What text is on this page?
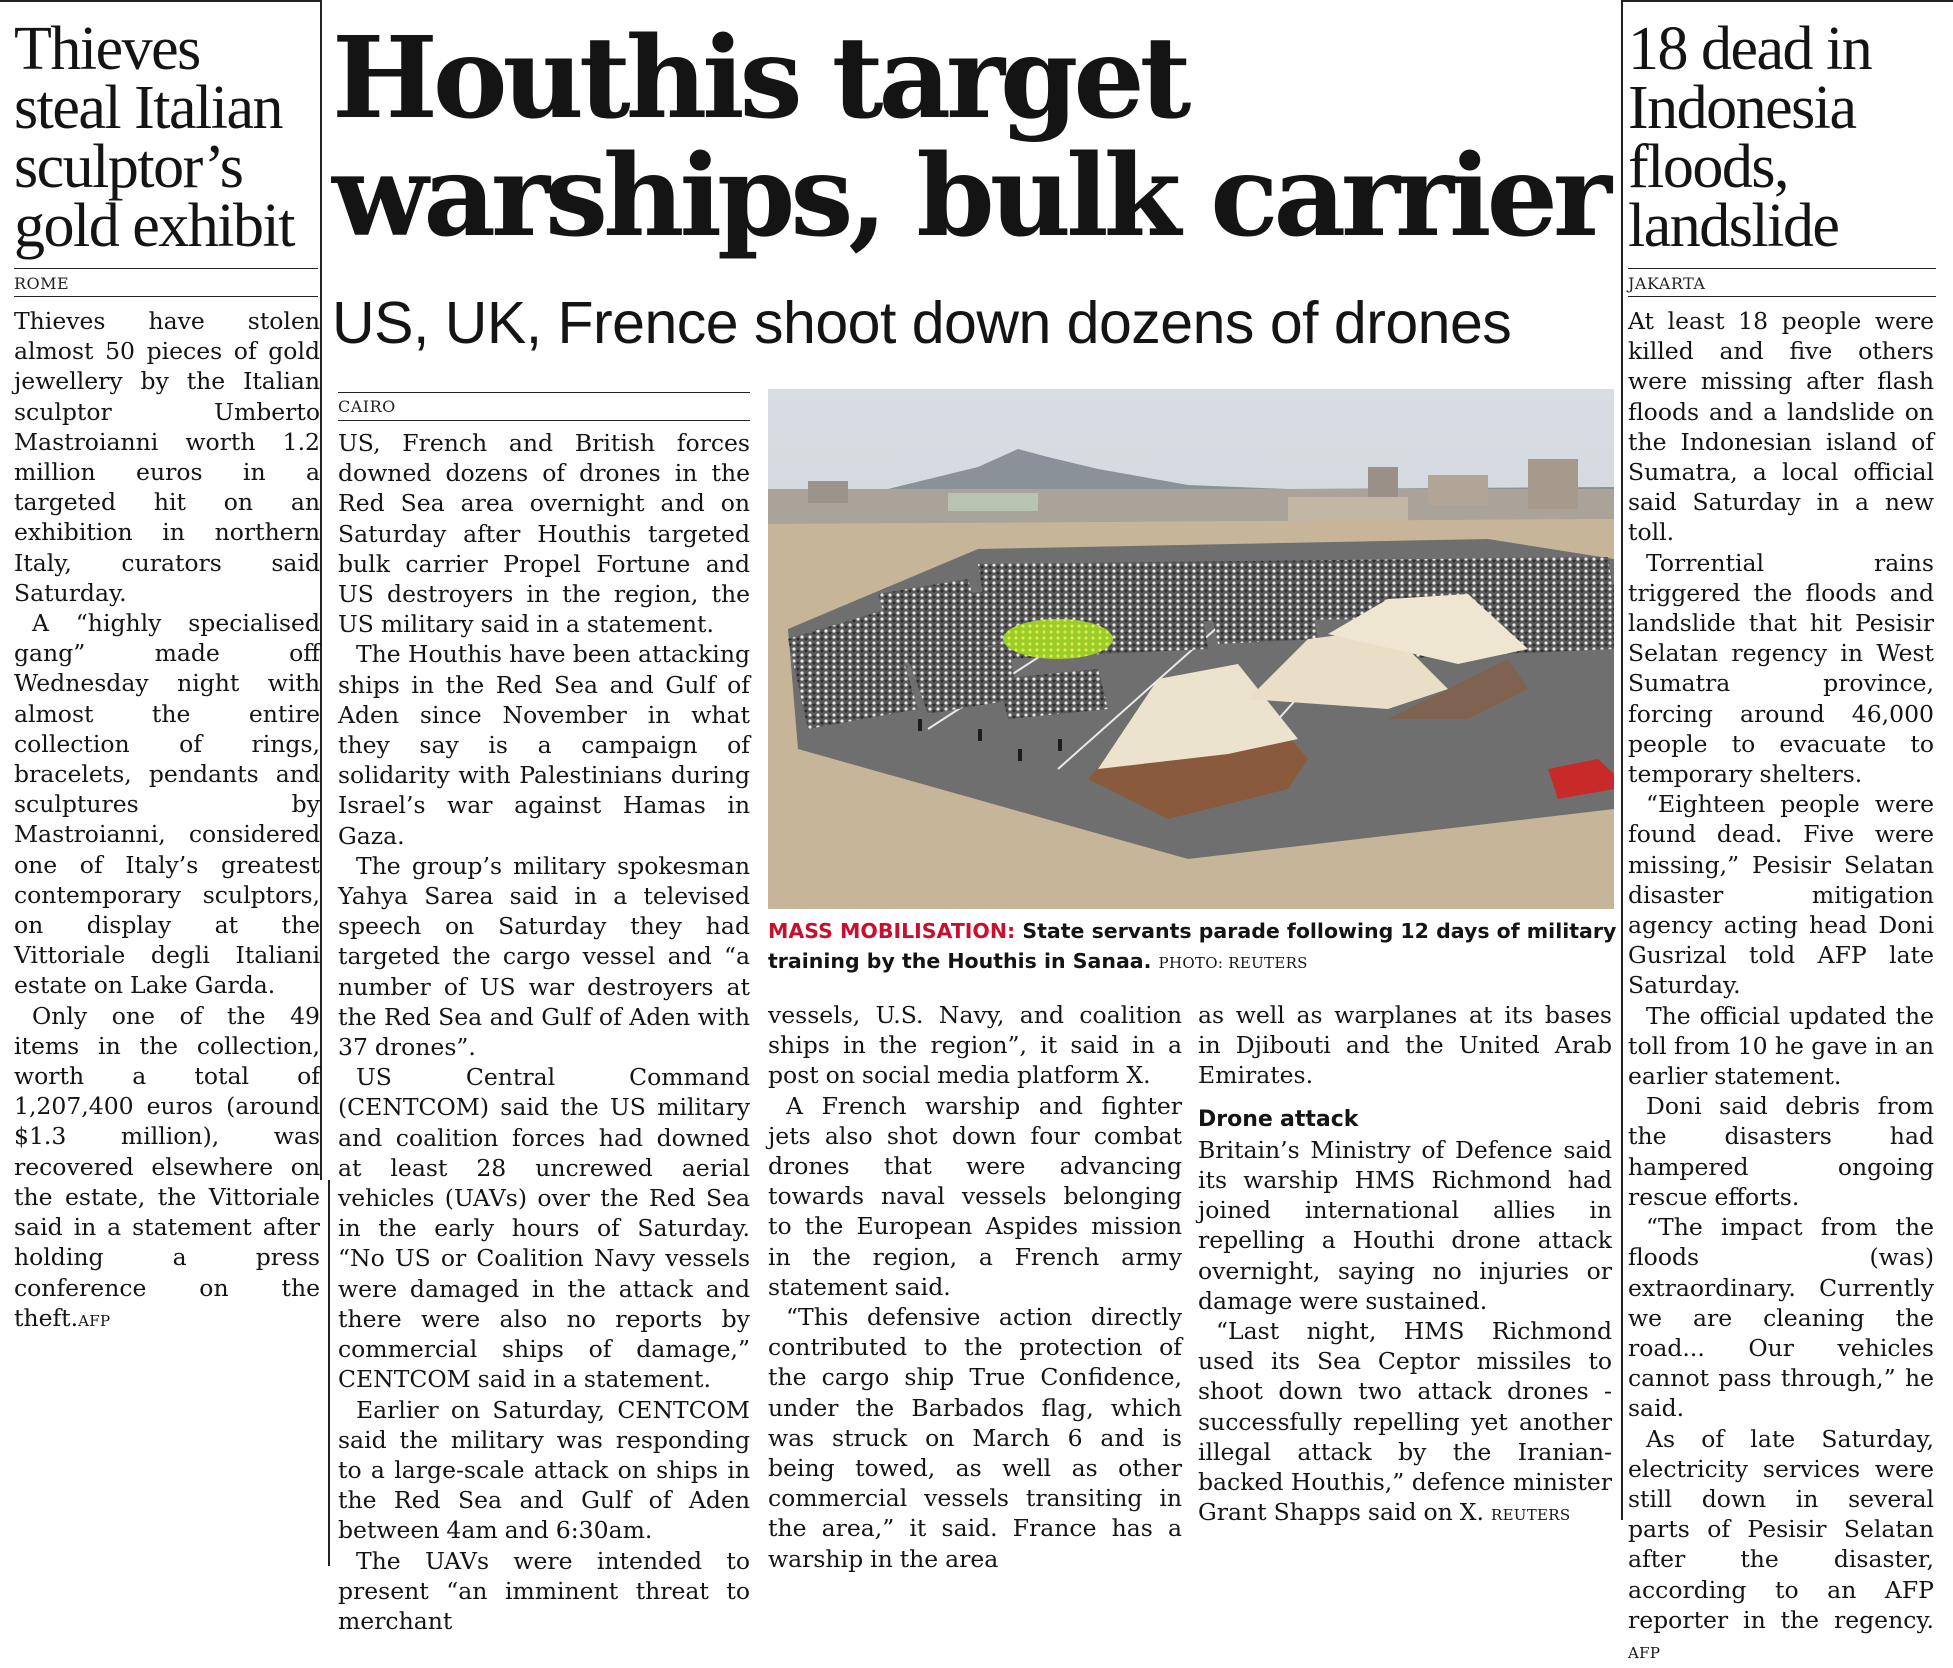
Thieves steal Italian sculptor’s gold exhibit
ROME

Thieves have stolen almost 50 pieces of gold jewellery by the Italian sculptor Umberto Mastroianni worth 1.2 million euros in a targeted hit on an exhibition in northern Italy, curators said Saturday.

A “highly specialised gang” made off Wednesday night with almost the entire collection of rings, bracelets, pendants and sculptures by Mastroianni, considered one of Italy’s greatest contemporary sculptors, on display at the Vittoriale degli Italiani estate on Lake Garda.

Only one of the 49 items in the collection, worth a total of 1,207,400 euros (around $1.3 million), was recovered elsewhere on the estate, the Vittoriale said in a statement after holding a press conference on the theft.AFP

Houthis target warships, bulk carrier
US, UK, Frence shoot down dozens of drones
CAIRO

US, French and British forces downed dozens of drones in the Red Sea area overnight and on Saturday after Houthis targeted bulk carrier Propel Fortune and US destroyers in the region, the US military said in a statement.

The Houthis have been attacking ships in the Red Sea and Gulf of Aden since November in what they say is a campaign of solidarity with Palestinians during Israel’s war against Hamas in Gaza.

The group’s military spokesman Yahya Sarea said in a televised speech on Saturday they had targeted the cargo vessel and “a number of US war destroyers at the Red Sea and Gulf of Aden with 37 drones”.

US Central Command (CENTCOM) said the US military and coalition forces had downed at least 28 uncrewed aerial vehicles (UAVs) over the Red Sea in the early hours of Saturday. “No US or Coalition Navy vessels were damaged in the attack and there were also no reports by commercial ships of damage,” CENTCOM said in a statement.

Earlier on Saturday, CENTCOM said the military was responding to a large-scale attack on ships in the Red Sea and Gulf of Aden between 4am and 6:30am.

The UAVs were intended to present “an imminent threat to merchant

MASS MOBILISATION: State servants parade following 12 days of military training by the Houthis in Sanaa. PHOTO: REUTERS

vessels, U.S. Navy, and coalition ships in the region”, it said in a post on social media platform X.

A French warship and fighter jets also shot down four combat drones that were advancing towards naval vessels belonging to the European Aspides mission in the region, a French army statement said.

“This defensive action directly contributed to the protection of the cargo ship True Confidence, under the Barbados flag, which was struck on March 6 and is being towed, as well as other commercial vessels transiting in the area,” it said. France has a warship in the area

as well as warplanes at its bases in Djibouti and the United Arab Emirates.

Drone attack

Britain’s Ministry of Defence said its warship HMS Richmond had joined international allies in repelling a Houthi drone attack overnight, saying no injuries or damage were sustained.

“Last night, HMS Richmond used its Sea Ceptor missiles to shoot down two attack drones - successfully repelling yet another illegal attack by the Iranian-backed Houthis,” defence minister Grant Shapps said on X. REUTERS

18 dead in Indonesia floods, landslide
JAKARTA

At least 18 people were killed and five others were missing after flash floods and a landslide on the Indonesian island of Sumatra, a local official said Saturday in a new toll.

Torrential rains triggered the floods and landslide that hit Pesisir Selatan regency in West Sumatra province, forcing around 46,000 people to evacuate to temporary shelters.

“Eighteen people were found dead. Five were missing,” Pesisir Selatan disaster mitigation agency acting head Doni Gusrizal told AFP late Saturday.

The official updated the toll from 10 he gave in an earlier statement.

Doni said debris from the disasters had hampered ongoing rescue efforts.

“The impact from the floods (was) extraordinary. Currently we are cleaning the road... Our vehicles cannot pass through,” he said.

As of late Saturday, electricity services were still down in several parts of Pesisir Selatan after the disaster, according to an AFP reporter in the regency. AFP
